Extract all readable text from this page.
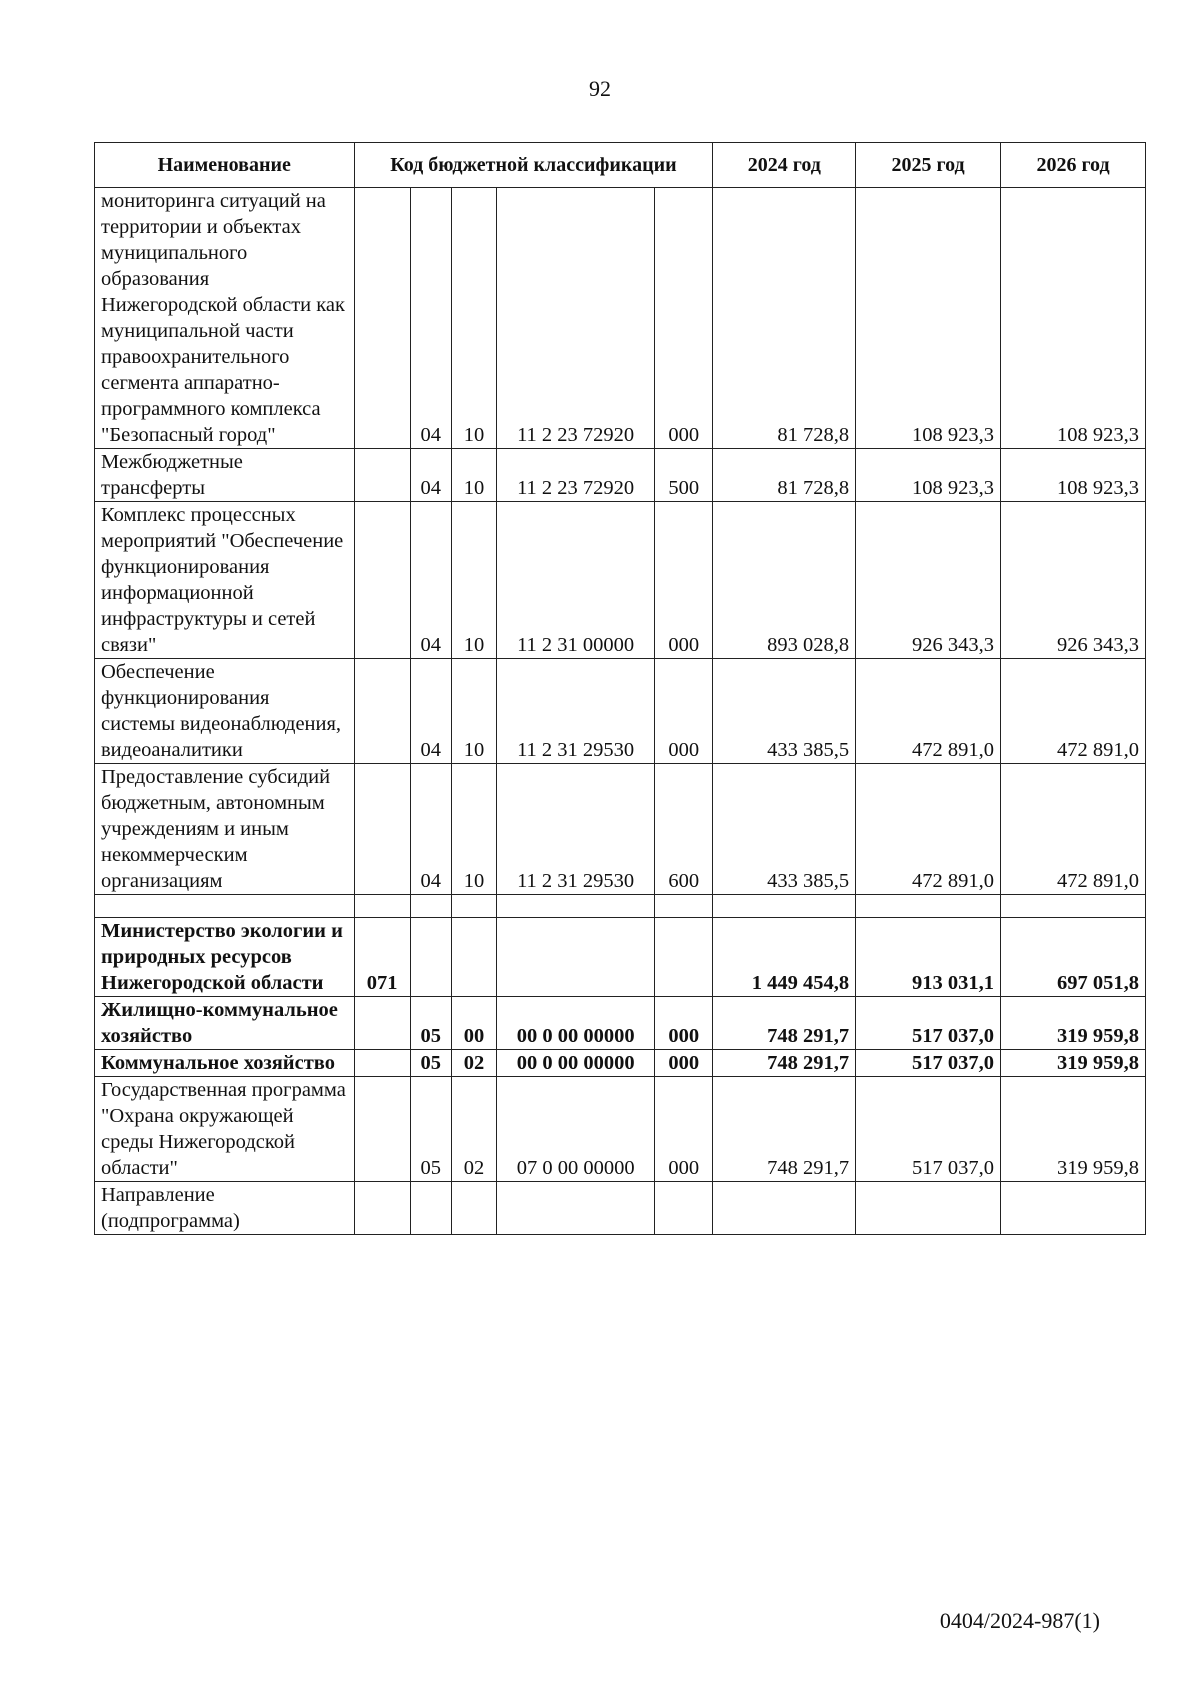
92
Наименование	Код бюджетной классификации					2024 год	2025 год	2026 год
мониторинга ситуаций на территории и объектах муниципального образования Нижегородской области как муниципальной части правоохранительного сегмента аппаратно-программного комплекса "Безопасный город"		04	10	11 2 23 72920	000	81 728,8	108 923,3	108 923,3
Межбюджетные трансферты		04	10	11 2 23 72920	500	81 728,8	108 923,3	108 923,3
Комплекс процессных мероприятий "Обеспечение функционирования информационной инфраструктуры и сетей связи"		04	10	11 2 31 00000	000	893 028,8	926 343,3	926 343,3
Обеспечение функционирования системы видеонаблюдения, видеоаналитики		04	10	11 2 31 29530	000	433 385,5	472 891,0	472 891,0
Предоставление субсидий бюджетным, автономным учреждениям и иным некоммерческим организациям		04	10	11 2 31 29530	600	433 385,5	472 891,0	472 891,0

Министерство экологии и природных ресурсов Нижегородской области	071					1 449 454,8	913 031,1	697 051,8
Жилищно-коммунальное хозяйство		05	00	00 0 00 00000	000	748 291,7	517 037,0	319 959,8
Коммунальное хозяйство		05	02	00 0 00 00000	000	748 291,7	517 037,0	319 959,8
Государственная программа "Охрана окружающей среды Нижегородской области"		05	02	07 0 00 00000	000	748 291,7	517 037,0	319 959,8
Направление (подпрограмма)								
0404/2024-987(1)
